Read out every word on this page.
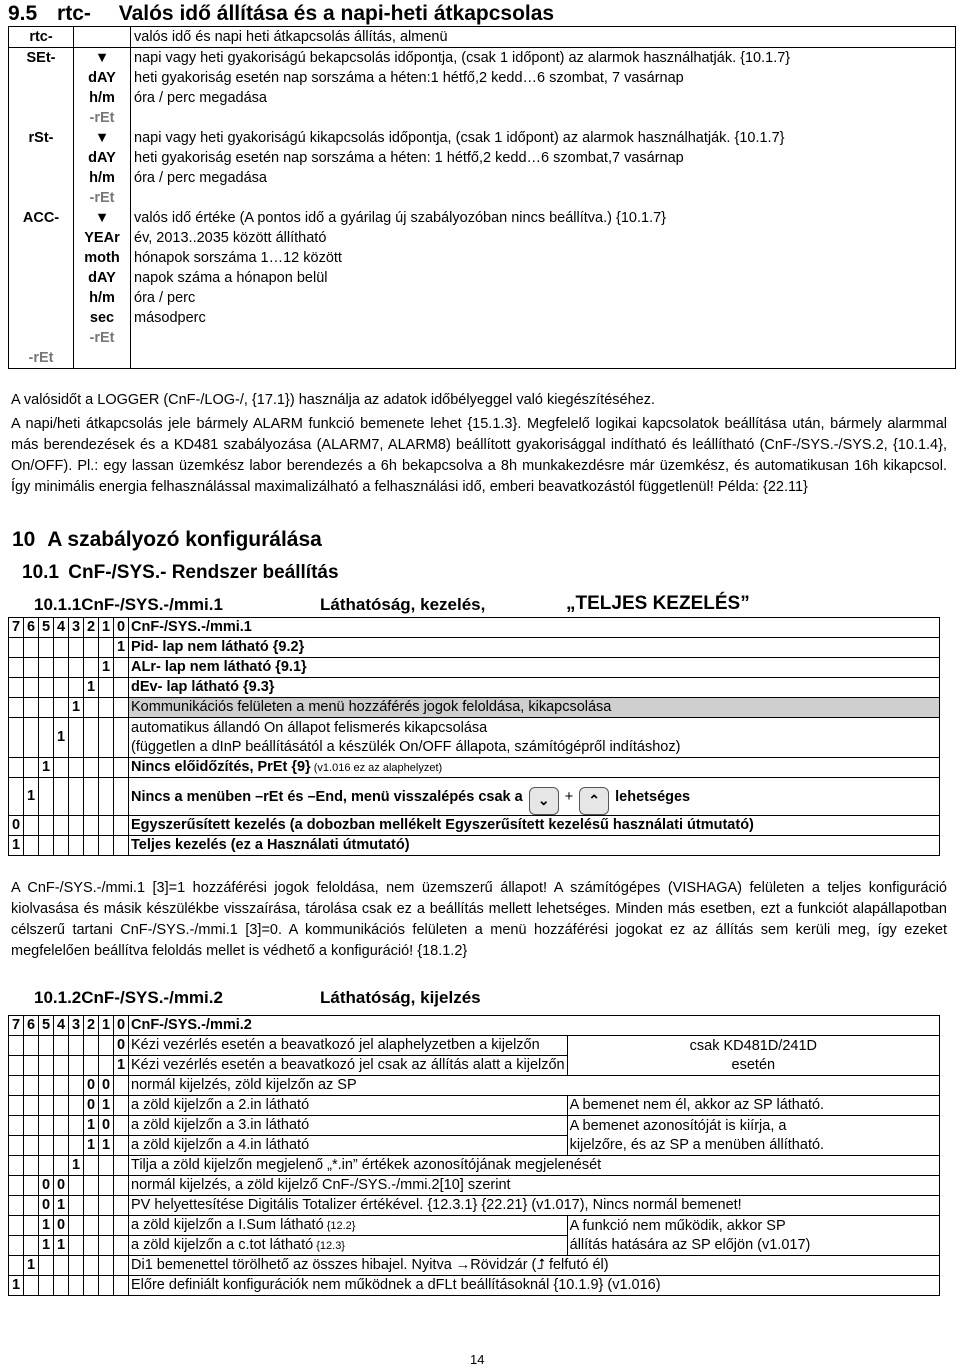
9.5 rtc- Valós idő állítása és a napi-heti átkapcsolas
rtc-		valós idő és napi heti átkapcsolás állítás, almenü
SEt-	▼	napi vagy heti gyakoriságú bekapcsolás időpontja, (csak 1 időpont) az alarmok használhatják. {10.1.7}
	dAY	heti gyakoriság esetén nap sorszáma a héten:1 hétfő,2 kedd…6 szombat, 7 vasárnap
	h/m	óra / perc megadása
	-rEt	
rSt-	▼	napi vagy heti gyakoriságú kikapcsolás időpontja, (csak 1 időpont) az alarmok használhatják. {10.1.7}
	dAY	heti gyakoriság esetén nap sorszáma a héten: 1 hétfő,2 kedd…6 szombat,7 vasárnap
	h/m	óra / perc megadása
	-rEt	
ACC-	▼	valós idő értéke (A pontos idő a gyárilag új szabályozóban nincs beállítva.) {10.1.7}
	YEAr	év, 2013..2035 között állítható
	moth	hónapok sorszáma 1…12 között
	dAY	napok száma a hónapon belül
	h/m	óra / perc
	sec	másodperc
	-rEt	
-rEt		
A valósidőt a LOGGER (CnF-/LOG-/, {17.1}) használja az adatok időbélyeggel való kiegészítéséhez.
A napi/heti átkapcsolás jele bármely ALARM funkció bemenete lehet {15.1.3}. Megfelelő logikai kapcsolatok beállítása után, bármely alarmmal más berendezések és a KD481 szabályozása (ALARM7, ALARM8) beállított gyakorisággal indítható és leállítható (CnF-/SYS.-/SYS.2, {10.1.4}, On/OFF). Pl.: egy lassan üzemkész labor berendezés a 6h bekapcsolva a 8h munkakezdésre már üzemkész, és automatikusan 16h kikapcsol. Így minimális energia felhasználással maximalizálható a felhasználási idő, emberi beavatkozástól függetlenül! Példa: {22.11}
10 A szabályozó konfigurálása
10.1 CnF-/SYS.- Rendszer beállítás
10.1.1CnF-/SYS.-/mmi.1	Láthatóság, kezelés,	„TELJES KEZELÉS”
7	6	5	4	3	2	1	0	CnF-/SYS.-/mmi.1
							1	Pid- lap nem látható {9.2}
						1		ALr- lap nem látható {9.1}
					1			dEv- lap látható {9.3}
				1				Kommunikációs felületen a menü hozzáférés jogok feloldása, kikapcsolása
			1					automatikus állandó On állapot felismerés kikapcsolása
(független a dInP beállításától a készülék On/OFF állapota, számítógépről indításhoz)
		1						Nincs előidőzítés, PrEt {9} (v1.016 ez az alaphelyzet)
	1							Nincs a menüben –rEt és –End, menü visszalépés csak a ⌄ + ⌃ lehetséges
0								Egyszerűsített kezelés (a dobozban mellékelt Egyszerűsített kezelésű használati útmutató)
1								Teljes kezelés (ez a Használati útmutató)
A CnF-/SYS.-/mmi.1 [3]=1 hozzáférési jogok feloldása, nem üzemszerű állapot! A számítógépes (VISHAGA) felületen a teljes konfiguráció kiolvasása és másik készülékbe visszaírása, tárolása csak ez a beállítás mellett lehetséges. Minden más esetben, ezt a funkciót alapállapotban célszerű tartani CnF-/SYS.-/mmi.1 [3]=0. A kommunikációs felületen a menü hozzáférési jogokat ez az állítás sem kerüli meg, így ezeket megfelelően beállítva feloldás mellet is védhető a konfiguráció! {18.1.2}
10.1.2CnF-/SYS.-/mmi.2	Láthatóság, kijelzés
7	6	5	4	3	2	1	0	CnF-/SYS.-/mmi.2	
							0	Kézi vezérlés esetén a beavatkozó jel alaphelyzetben a kijelzőn	csak KD481D/241D
esetén

							1	Kézi vezérlés esetén a beavatkozó jel csak az állítás alatt a kijelzőn	
					0	0		normál kijelzés, zöld kijelzőn az SP	
					0	1		a zöld kijelzőn a 2.in látható	A bemenet nem él, akkor az SP látható.

					1	0		a zöld kijelzőn a 3.in látható	A bemenet azonosítóját is kiírja, a
kijelzőre, és az SP a menüben állítható.

					1	1		a zöld kijelzőn a 4.in látható	
				1				Tilja a zöld kijelzőn megjelenő „*.in” értékek azonosítójának megjelenését	
		0	0					normál kijelzés, a zöld kijelző CnF-/SYS.-/mmi.2[10] szerint	
		0	1					PV helyettesítése Digitális Totalizer értékével. {12.3.1} {22.21} (v1.017), Nincs normál bemenet!	
		1	0					a zöld kijelzőn a I.Sum látható {12.2}	A funkció nem működik, akkor SP
állítás hatására az SP előjön (v1.017)

		1	1					a zöld kijelzőn a c.tot látható {12.3}	
	1							Di1 bemenettel törölhető az összes hibajel. Nyitva →Rövidzár (⮥ felfutó él)	
1								Előre definiált konfigurációk nem működnek a dFLt beállításoknál {10.1.9} (v1.016)	
14
